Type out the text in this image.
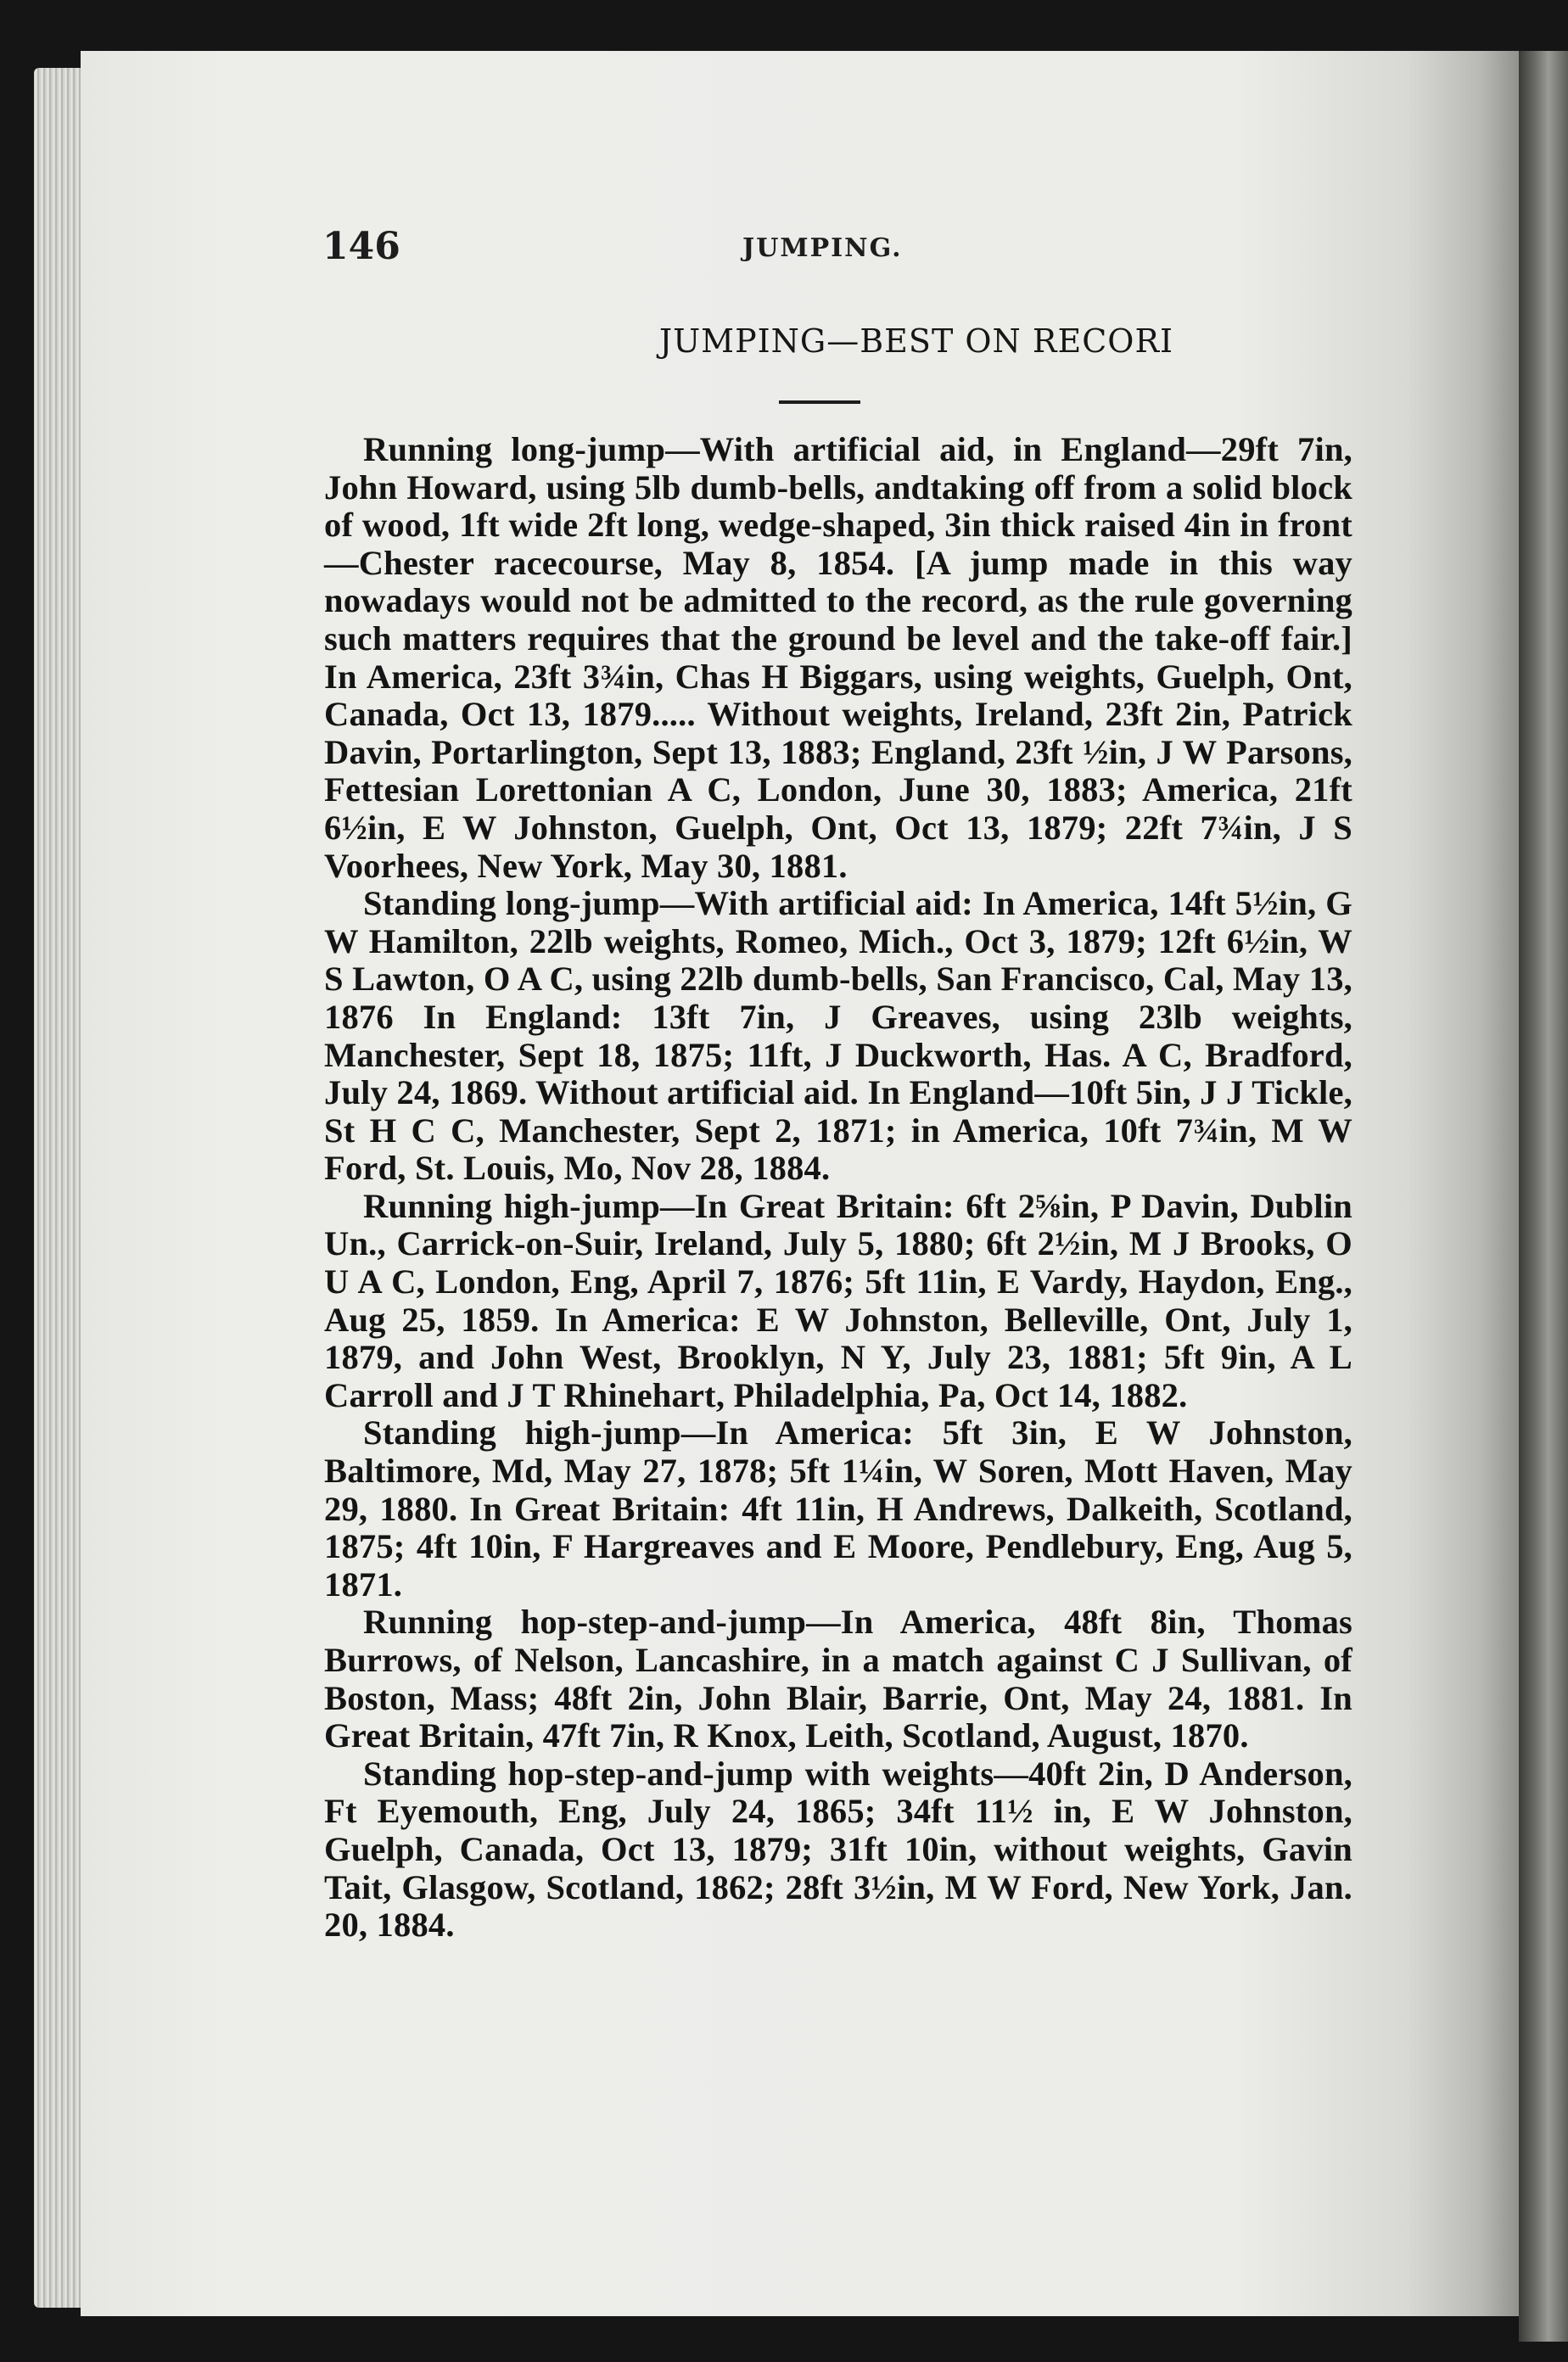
146	JUMPING.
JUMPING—BEST ON RECORI

Running long-jump—With artificial aid, in England—29ft 7in, John Howard, using 5lb dumb-bells, andtaking off from a solid block of wood, 1ft wide 2ft long, wedge-shaped, 3in thick raised 4in in front—Chester racecourse, May 8, 1854. [A jump made in this way nowadays would not be admitted to the record, as the rule governing such matters requires that the ground be level and the take-off fair.] In America, 23ft 3¾in, Chas H Biggars, using weights, Guelph, Ont, Canada, Oct 13, 1879..... Without weights, Ireland, 23ft 2in, Patrick Davin, Portarlington, Sept 13, 1883; England, 23ft ½in, J W Parsons, Fettesian Lorettonian A C, London, June 30, 1883; America, 21ft 6½in, E W Johnston, Guelph, Ont, Oct 13, 1879; 22ft 7¾in, J S Voorhees, New York, May 30, 1881.

Standing long-jump—With artificial aid: In America, 14ft 5½in, G W Hamilton, 22lb weights, Romeo, Mich., Oct 3, 1879; 12ft 6½in, W S Lawton, O A C, using 22lb dumb-bells, San Francisco, Cal, May 13, 1876 In England: 13ft 7in, J Greaves, using 23lb weights, Manchester, Sept 18, 1875; 11ft, J Duckworth, Has. A C, Bradford, July 24, 1869. Without artificial aid. In England—10ft 5in, J J Tickle, St H C C, Manchester, Sept 2, 1871; in America, 10ft 7¾in, M W Ford, St. Louis, Mo, Nov 28, 1884.

Running high-jump—In Great Britain: 6ft 2⅝in, P Davin, Dublin Un., Carrick-on-Suir, Ireland, July 5, 1880; 6ft 2½in, M J Brooks, O U A C, London, Eng, April 7, 1876; 5ft 11in, E Vardy, Haydon, Eng., Aug 25, 1859. In America: E W Johnston, Belleville, Ont, July 1, 1879, and John West, Brooklyn, N Y, July 23, 1881; 5ft 9in, A L Carroll and J T Rhinehart, Philadelphia, Pa, Oct 14, 1882.

Standing high-jump—In America: 5ft 3in, E W Johnston, Baltimore, Md, May 27, 1878; 5ft 1¼in, W Soren, Mott Haven, May 29, 1880. In Great Britain: 4ft 11in, H Andrews, Dalkeith, Scotland, 1875; 4ft 10in, F Hargreaves and E Moore, Pendlebury, Eng, Aug 5, 1871.

Running hop-step-and-jump—In America, 48ft 8in, Thomas Burrows, of Nelson, Lancashire, in a match against C J Sullivan, of Boston, Mass; 48ft 2in, John Blair, Barrie, Ont, May 24, 1881. In Great Britain, 47ft 7in, R Knox, Leith, Scotland, August, 1870.

Standing hop-step-and-jump with weights—40ft 2in, D Anderson, Ft Eyemouth, Eng, July 24, 1865; 34ft 11½ in, E W Johnston, Guelph, Canada, Oct 13, 1879; 31ft 10in, without weights, Gavin Tait, Glasgow, Scotland, 1862; 28ft 3½in, M W Ford, New York, Jan. 20, 1884.
